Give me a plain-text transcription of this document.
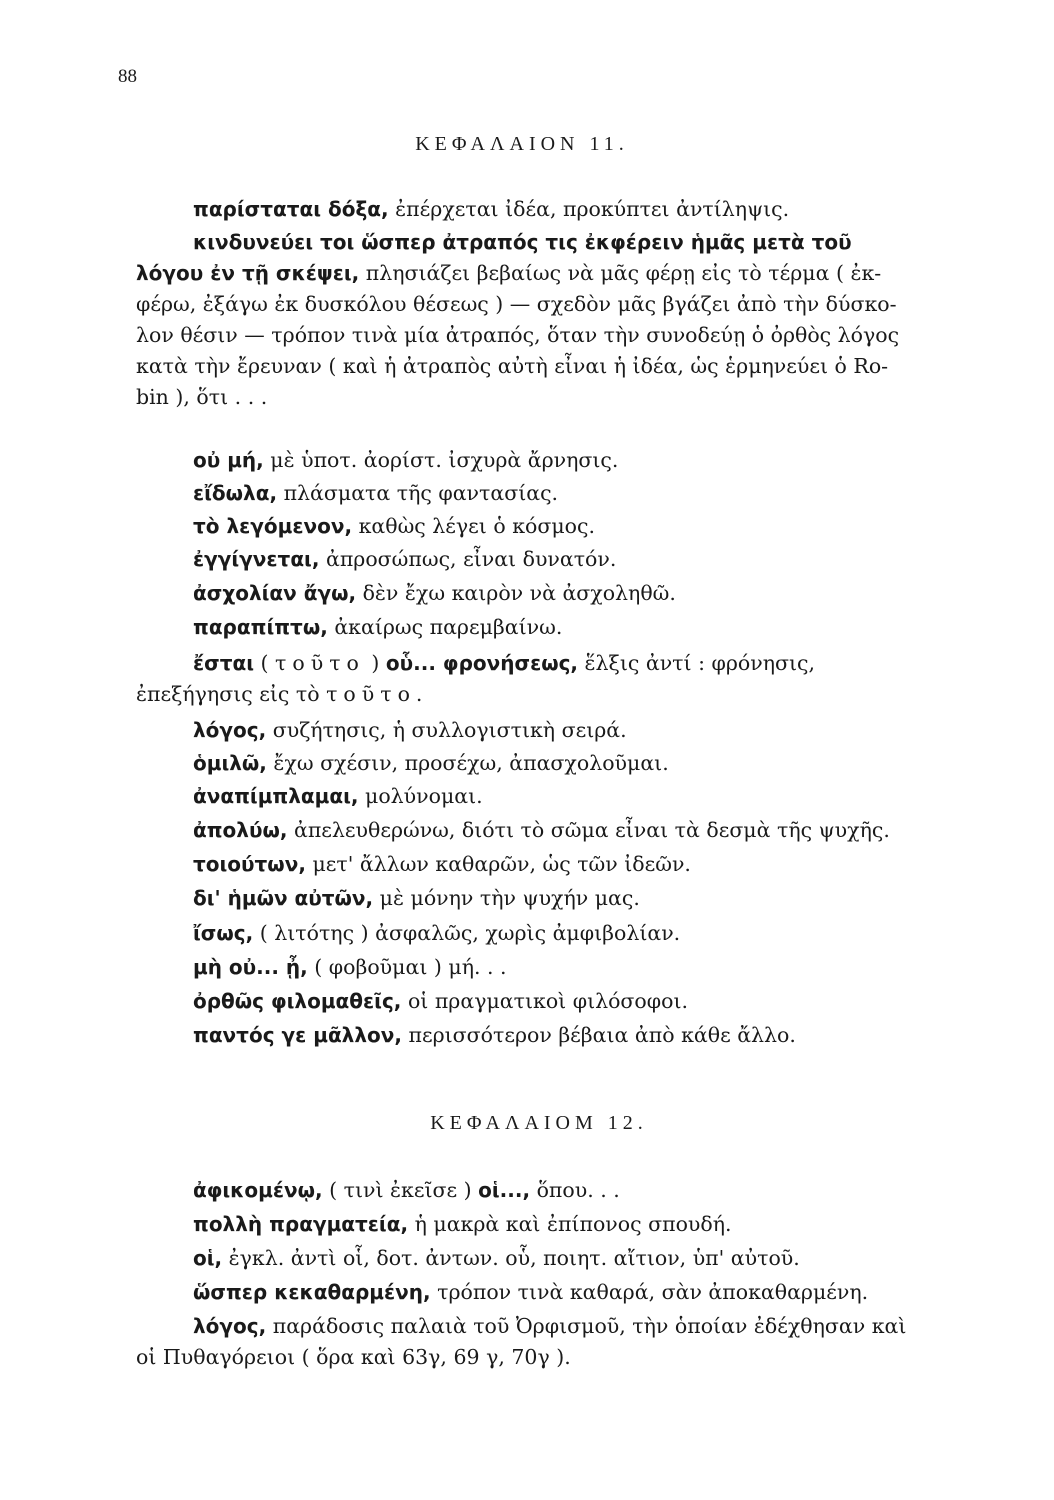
88
ΚΕΦΑΛΑΙΟΝ 11.
παρίσταται δόξα, ἐπέρχεται ἰδέα, προκύπτει ἀντίληψις.
κινδυνεύει τοι ὥσπερ ἀτραπός τις ἐκφέρειν ἡμᾶς μετὰ τοῦ
λόγου ἐν τῇ σκέψει, πλησιάζει βεβαίως νὰ μᾶς φέρῃ εἰς τὸ τέρμα ( ἐκ-
φέρω, ἐξάγω ἐκ δυσκόλου θέσεως ) — σχεδὸν μᾶς βγάζει ἀπὸ τὴν δύσκο-
λον θέσιν — τρόπον τινὰ μία ἀτραπός, ὅταν τὴν συνοδεύῃ ὁ ὀρθὸς λόγος
κατὰ τὴν ἔρευναν ( καὶ ἡ ἀτραπὸς αὐτὴ εἶναι ἡ ἰδέα, ὡς ἑρμηνεύει ὁ Ro-
bin ), ὅτι . . .
οὐ μή, μὲ ὑποτ. ἀορίστ. ἰσχυρὰ ἄρνησις.
εἴδωλα, πλάσματα τῆς φαντασίας.
τὸ λεγόμενον, καθὼς λέγει ὁ κόσμος.
ἐγγίγνεται, ἀπροσώπως, εἶναι δυνατόν.
ἀσχολίαν ἄγω, δὲν ἔχω καιρὸν νὰ ἀσχοληθῶ.
παραπίπτω, ἀκαίρως παρεμβαίνω.
ἔσται ( τοῦτο ) οὗ... φρονήσεως, ἕλξις ἀντί : φρόνησις,
ἐπεξήγησις εἰς τὸ τοῦτο.
λόγος, συζήτησις, ἡ συλλογιστικὴ σειρά.
ὁμιλῶ, ἔχω σχέσιν, προσέχω, ἀπασχολοῦμαι.
ἀναπίμπλαμαι, μολύνομαι.
ἀπολύω, ἀπελευθερώνω, διότι τὸ σῶμα εἶναι τὰ δεσμὰ τῆς ψυχῆς.
τοιούτων, μετ' ἄλλων καθαρῶν, ὡς τῶν ἰδεῶν.
δι' ἡμῶν αὐτῶν, μὲ μόνην τὴν ψυχήν μας.
ἴσως, ( λιτότης ) ἀσφαλῶς, χωρὶς ἀμφιβολίαν.
μὴ οὐ... ᾖ, ( φοβοῦμαι ) μή. . .
ὀρθῶς φιλομαθεῖς, οἱ πραγματικοὶ φιλόσοφοι.
παντός γε μᾶλλον, περισσότερον βέβαια ἀπὸ κάθε ἄλλο.
ΚΕΦΑΛΑΙΟΜ 12.
ἀφικομένῳ, ( τινὶ ἐκεῖσε ) οἱ..., ὅπου. . .
πολλὴ πραγματεία, ἡ μακρὰ καὶ ἐπίπονος σπουδή.
οἱ, ἐγκλ. ἀντὶ οἷ, δοτ. ἀντων. οὗ, ποιητ. αἴτιον, ὑπ' αὐτοῦ.
ὥσπερ κεκαθαρμένη, τρόπον τινὰ καθαρά, σὰν ἀποκαθαρμένη.
λόγος, παράδοσις παλαιὰ τοῦ Ὀρφισμοῦ, τὴν ὁποίαν ἐδέχθησαν καὶ
οἱ Πυθαγόρειοι ( ὅρα καὶ 63γ, 69 γ, 70γ ).
